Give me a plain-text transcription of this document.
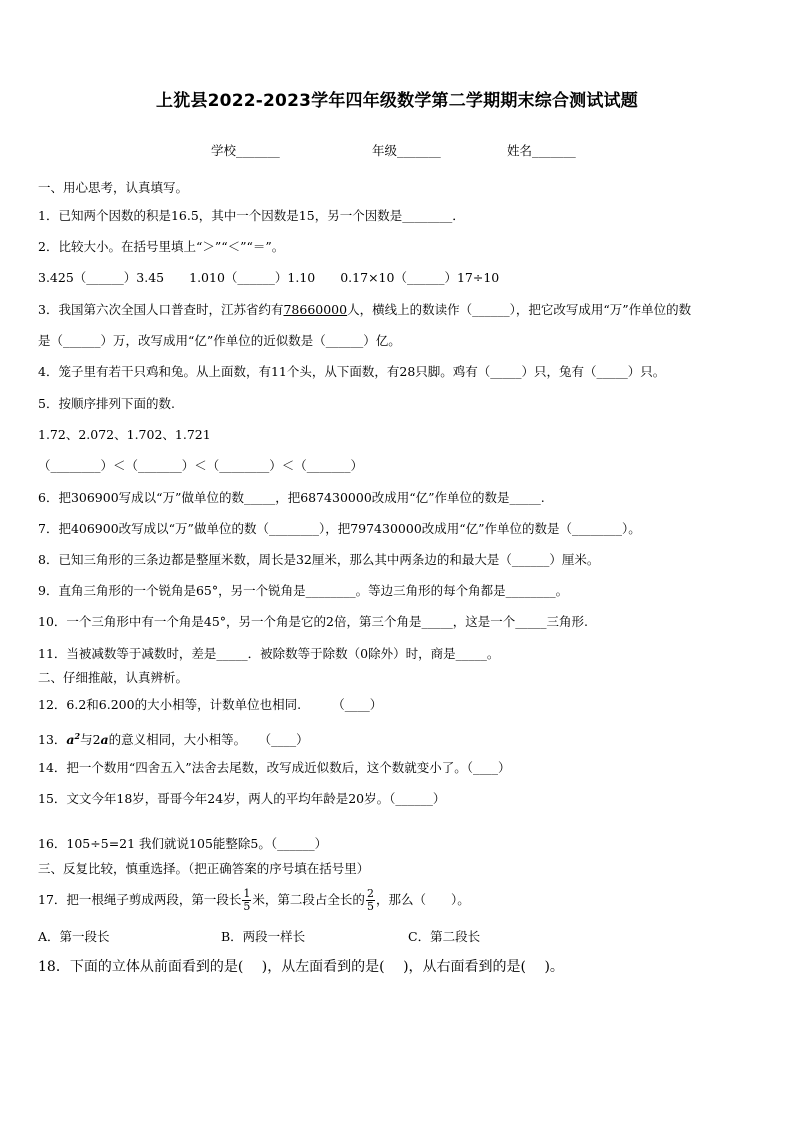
上犹县2022-2023学年四年级数学第二学期期末综合测试试题
学校_______	年级_______	姓名_______
一、用心思考，认真填写。
1．已知两个因数的积是16.5，其中一个因数是15，另一个因数是________．
2．比较大小。在括号里填上“＞”“＜”“＝”。
3.425（______）3.45　　1.010（______）1.10　　0.17×10（______）17÷10
3．我国第六次全国人口普查时，江苏省约有78660000人，横线上的数读作（______），把它改写成用“万”作单位的数
是（______）万，改写成用“亿”作单位的近似数是（______）亿。
4．笼子里有若干只鸡和兔。从上面数，有11个头，从下面数，有28只脚。鸡有（_____）只，兔有（_____）只。
5．按顺序排列下面的数.
1.72、2.072、1.702、1.721
（________）＜（_______）＜（________）＜（_______）
6．把306900写成以“万”做单位的数_____，把687430000改成用“亿”作单位的数是_____.
7．把406900改写成以“万”做单位的数（________），把797430000改成用“亿”作单位的数是（________）。
8．已知三角形的三条边都是整厘米数，周长是32厘米，那么其中两条边的和最大是（______）厘米。
9．直角三角形的一个锐角是65°，另一个锐角是________。等边三角形的每个角都是________。
10．一个三角形中有一个角是45°，另一个角是它的2倍，第三个角是_____，这是一个_____三角形.
11．当被减数等于减数时，差是_____．被除数等于除数（0除外）时，商是_____。
二、仔细推敲，认真辨析。
12．6.2和6.200的大小相等，计数单位也相同.　　　（____）
13．$a^2$与2a的意义相同，大小相等。　　（____）
14．把一个数用“四舍五入”法舍去尾数，改写成近似数后，这个数就变小了。（____）
15．文文今年18岁，哥哥今年24岁，两人的平均年龄是20岁。（______）
16．105÷5=21 我们就说105能整除5。（______）
三、反复比较，慎重选择。（把正确答案的序号填在括号里）
17．把一根绳子剪成两段，第一段长 $\frac{1}{5}$ 米，第二段占全长的 $\frac{2}{5}$ ，那么（　　）。
A．第一段长	B．两段一样长	C．第二段长
18．下面的立体从前面看到的是(　 )，从左面看到的是(　 )，从右面看到的是(　 )。
